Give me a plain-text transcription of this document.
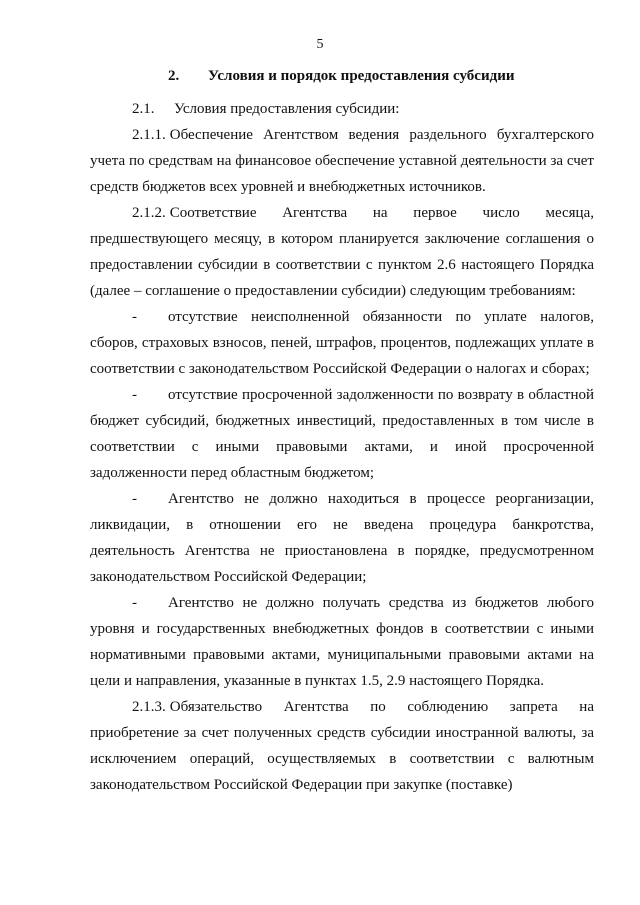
5
2. Условия и порядок предоставления субсидии

2.1. Условия предоставления субсидии:

2.1.1. Обеспечение Агентством ведения раздельного бухгалтерского учета по средствам на финансовое обеспечение уставной деятельности за счет средств бюджетов всех уровней и внебюджетных источников.

2.1.2. Соответствие Агентства на первое число месяца, предшествующего месяцу, в котором планируется заключение соглашения о предоставлении субсидии в соответствии с пунктом 2.6 настоящего Порядка (далее – соглашение о предоставлении субсидии) следующим требованиям:

- отсутствие неисполненной обязанности по уплате налогов, сборов, страховых взносов, пеней, штрафов, процентов, подлежащих уплате в соответствии с законодательством Российской Федерации о налогах и сборах;

- отсутствие просроченной задолженности по возврату в областной бюджет субсидий, бюджетных инвестиций, предоставленных в том числе в соответствии с иными правовыми актами, и иной просроченной задолженности перед областным бюджетом;

- Агентство не должно находиться в процессе реорганизации, ликвидации, в отношении его не введена процедура банкротства, деятельность Агентства не приостановлена в порядке, предусмотренном законодательством Российской Федерации;

- Агентство не должно получать средства из бюджетов любого уровня и государственных внебюджетных фондов в соответствии с иными нормативными правовыми актами, муниципальными правовыми актами на цели и направления, указанные в пунктах 1.5, 2.9 настоящего Порядка.

2.1.3. Обязательство Агентства по соблюдению запрета на приобретение за счет полученных средств субсидии иностранной валюты, за исключением операций, осуществляемых в соответствии с валютным законодательством Российской Федерации при закупке (поставке)
